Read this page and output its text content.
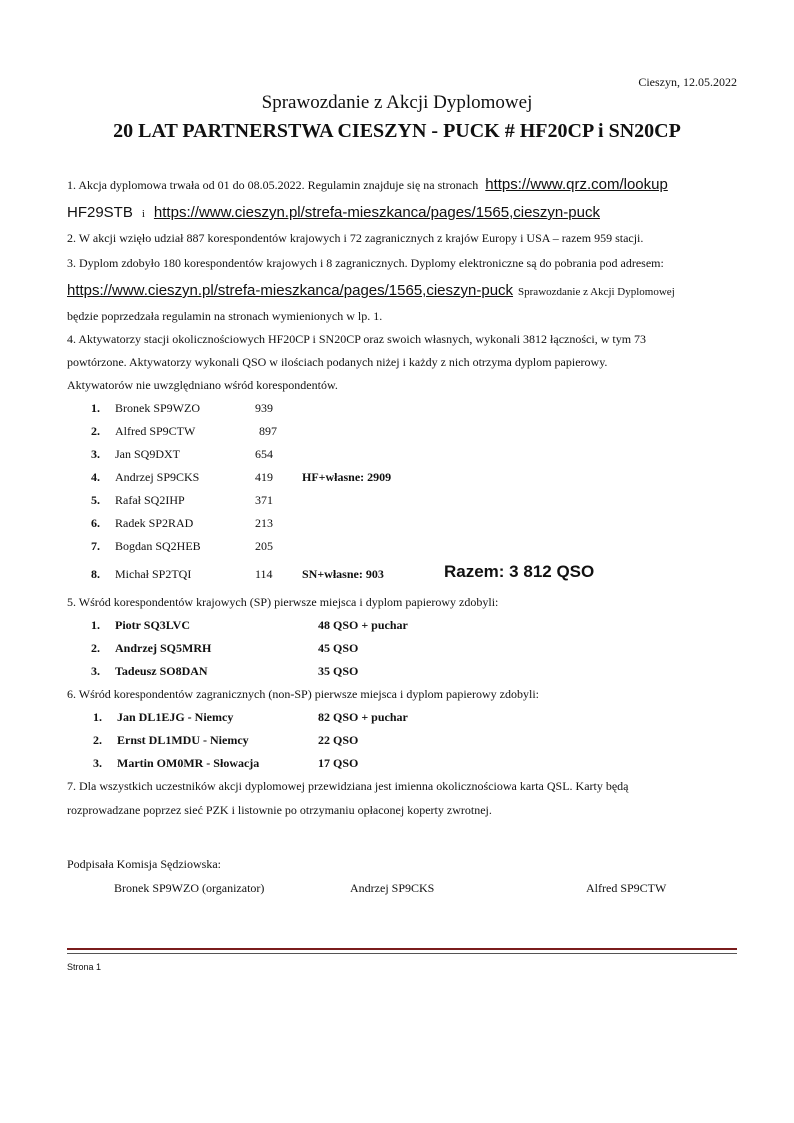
Cieszyn, 12.05.2022
Sprawozdanie z Akcji Dyplomowej
20 LAT PARTNERSTWA CIESZYN - PUCK # HF20CP i SN20CP
1. Akcja dyplomowa trwała od 01 do 08.05.2022. Regulamin znajduje się na stronach https://www.qrz.com/lookup
HF29STB i https://www.cieszyn.pl/strefa-mieszkanca/pages/1565,cieszyn-puck
2. W akcji wzięło udział 887 korespondentów krajowych i 72 zagranicznych z krajów Europy i USA – razem 959 stacji.
3. Dyplom zdobyło 180 korespondentów krajowych i 8 zagranicznych. Dyplomy elektroniczne są do pobrania pod adresem:
https://www.cieszyn.pl/strefa-mieszkanca/pages/1565,cieszyn-puck Sprawozdanie z Akcji Dyplomowej
będzie poprzedzała regulamin na stronach wymienionych w lp. 1.
4. Aktywatorzy stacji okolicznościowych HF20CP i SN20CP oraz swoich własnych, wykonali 3812 łączności, w tym 73
powtórzone. Aktywatorzy wykonali QSO w ilościach podanych niżej i każdy z nich otrzyma dyplom papierowy.
Aktywatorów nie uwzględniano wśród korespondentów.
1. Bronek SP9WZO	939
2. Alfred SP9CTW	897
3. Jan SQ9DXT	654
4. Andrzej SP9CKS	419 HF+własne: 2909
5. Rafał SQ2IHP	371
6. Radek SP2RAD	213
7. Bogdan SQ2HEB	205
8. Michał SP2TQI	114 SN+własne: 903	Razem: 3 812 QSO
5. Wśród korespondentów krajowych (SP) pierwsze miejsca i dyplom papierowy zdobyli:
1. Piotr SQ3LVC	48 QSO + puchar
2. Andrzej SQ5MRH	45 QSO
3. Tadeusz SO8DAN	35 QSO
6. Wśród korespondentów zagranicznych (non-SP) pierwsze miejsca i dyplom papierowy zdobyli:
1. Jan DL1EJG - Niemcy	82 QSO + puchar
2. Ernst DL1MDU - Niemcy	22 QSO
3. Martin OM0MR - Słowacja	17 QSO
7. Dla wszystkich uczestników akcji dyplomowej przewidziana jest imienna okolicznościowa karta QSL. Karty będą
rozprowadzane poprzez sieć PZK i listownie po otrzymaniu opłaconej koperty zwrotnej.
Podpisała Komisja Sędziowska:
Bronek SP9WZO (organizator)	Andrzej SP9CKS	Alfred SP9CTW
Strona 1
